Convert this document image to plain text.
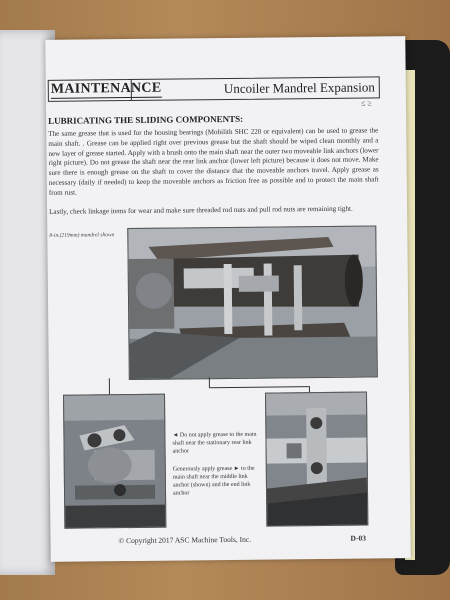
MAINTENANCE	Uncoiler Mandrel Expansion
≤ ≥
LUBRICATING THE SLIDING COMPONENTS:
The same grease that is used for the housing bearings (Mobilith SHC 220 or equivalent) can be used to grease the main shaft. . Grease can be applied right over previous grease but the shaft should be wiped clean monthly and a new layer of grease started. Apply with a brush onto the main shaft near the outer two moveable link anchors (lower right picture). Do not grease the shaft near the rear link anchor (lower left picture) because it does not move. Make sure there is enough grease on the shaft to cover the distance that the moveable anchors travel. Apply grease as necessary (daily if needed) to keep the moveable anchors as friction free as possible and to protect the main shaft from rust.
Lastly, check linkage items for wear and make sure threaded rod nuts and pull rod nuts are remaining tight.
8-in.(219mm) mandrel shown
◄ Do not apply grease to the main shaft near the stationary rear link anchor
Generously apply grease ► to the main shaft near the middle link anchor (shown) and the end link anchor
© Copyright 2017 ASC Machine Tools, Inc.	D-03
